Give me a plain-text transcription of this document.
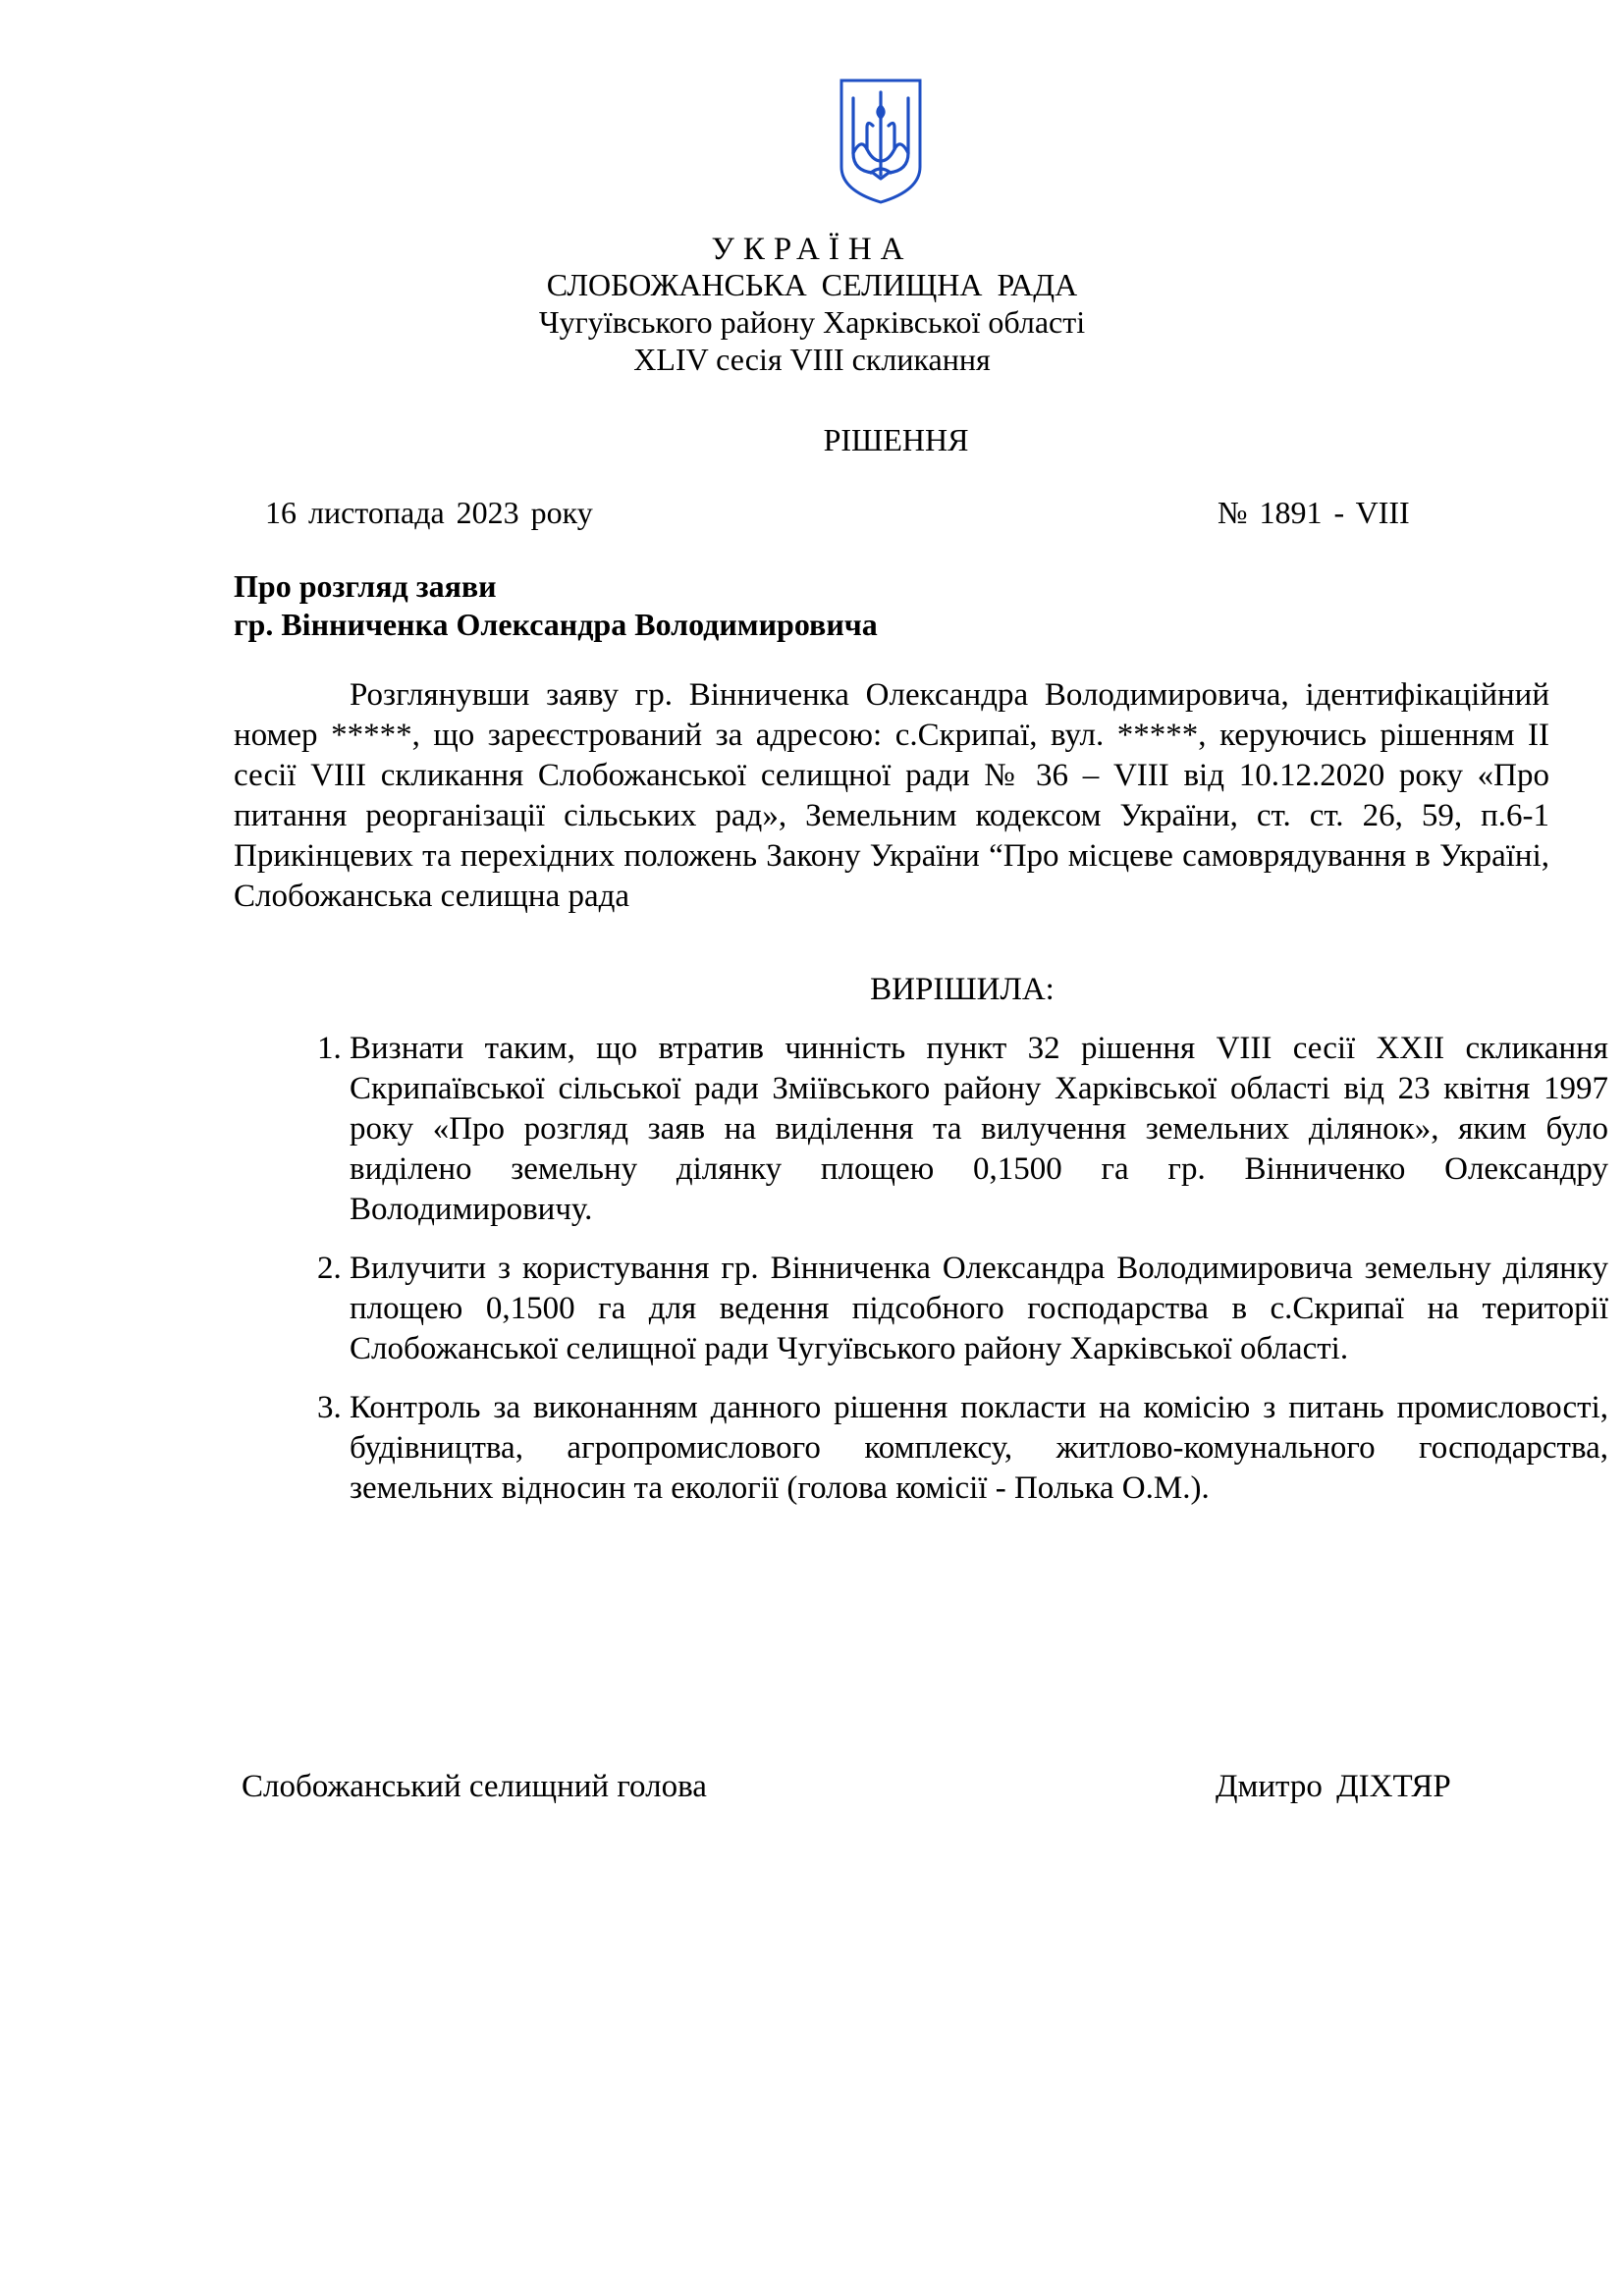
УКРАЇНА
СЛОБОЖАНСЬКА СЕЛИЩНА РАДА
Чугуївського району Харківської області
XLIV сесія VIII скликання
РІШЕННЯ
16 листопада 2023 року	№ 1891 - VIII
Про розгляд заяви
гр. Вінниченка Олександра Володимировича

Розглянувши заяву гр. Вінниченка Олександра Володимировича, ідентифікаційний номер *****, що зареєстрований за адресою: с.Скрипаї, вул. *****, керуючись рішенням ІІ сесії VIII скликання Слобожанської селищної ради № 36 – VIII від 10.12.2020 року «Про питання реорганізації сільських рад», Земельним кодексом України, ст. ст. 26, 59, п.6-1 Прикінцевих та перехідних положень Закону України “Про місцеве самоврядування в Україні, Слобожанська селищна рада

ВИРІШИЛА:
1. Визнати таким, що втратив чинність пункт 32 рішення VIII сесії XXII скликання Скрипаївської сільської ради Зміївського району Харківської області від 23 квітня 1997 року «Про розгляд заяв на виділення та вилучення земельних ділянок», яким було виділено земельну ділянку площею 0,1500 га гр. Вінниченко Олександру Володимировичу.
2. Вилучити з користування гр. Вінниченка Олександра Володимировича земельну ділянку площею 0,1500 га для ведення підсобного господарства в с.Скрипаї на території Слобожанської селищної ради Чугуївського району Харківської області.
3. Контроль за виконанням данного рішення покласти на комісію з питань промисловості, будівництва, агропромислового комплексу, житлово-комунального господарства, земельних відносин та екології (голова комісії - Полька О.М.).
Слобожанський селищний голова	Дмитро ДІХТЯР
